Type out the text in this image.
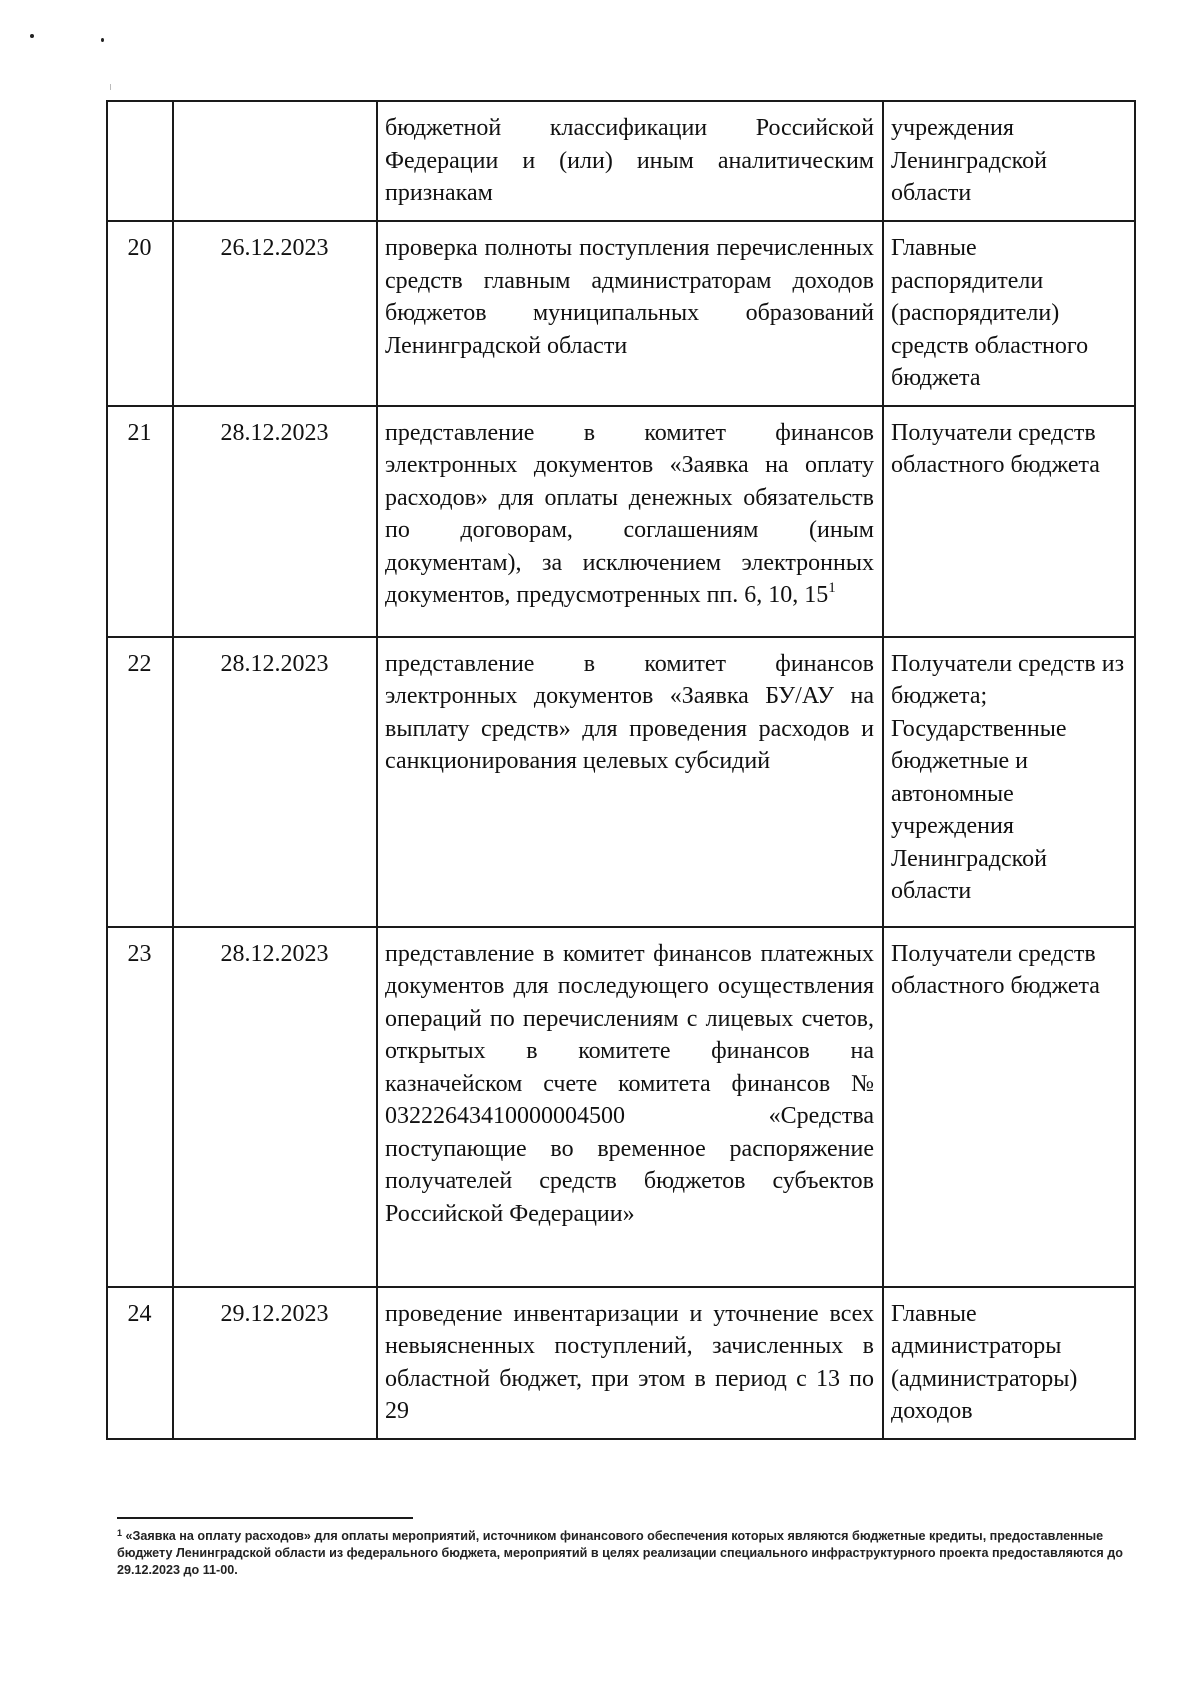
		бюджетной классификации Российской Федерации и (или) иным аналитическим признакам	учреждения Ленинградской области
20	26.12.2023	проверка полноты поступления перечисленных средств главным администраторам доходов бюджетов муниципальных образований Ленинградской области	Главные распорядители (распорядители) средств областного бюджета
21	28.12.2023	представление в комитет финансов электронных документов «Заявка на оплату расходов» для оплаты денежных обязательств по договорам, соглашениям (иным документам), за исключением электронных документов, предусмотренных пп. 6, 10, $15^1$	Получатели средств областного бюджета
22	28.12.2023	представление в комитет финансов электронных документов «Заявка БУ/АУ на выплату средств» для проведения расходов и санкционирования целевых субсидий	Получатели средств из бюджета; Государственные бюджетные и автономные учреждения Ленинградской области
23	28.12.2023	представление в комитет финансов платежных документов для последующего осуществления операций по перечислениям с лицевых счетов, открытых в комитете финансов на казначейском счете комитета финансов № 03222643410000004500 «Средства поступающие во временное распоряжение получателей средств бюджетов субъектов Российской Федерации»	Получатели средств областного бюджета
24	29.12.2023	проведение инвентаризации и уточнение всех невыясненных поступлений, зачисленных в областной бюджет, при этом в период с 13 по 29	Главные администраторы (администраторы) доходов
$^1$ «Заявка на оплату расходов» для оплаты мероприятий, источником финансового обеспечения которых являются бюджетные кредиты, предоставленные бюджету Ленинградской области из федерального бюджета, мероприятий в целях реализации специального инфраструктурного проекта предоставляются до 29.12.2023 до 11-00.
